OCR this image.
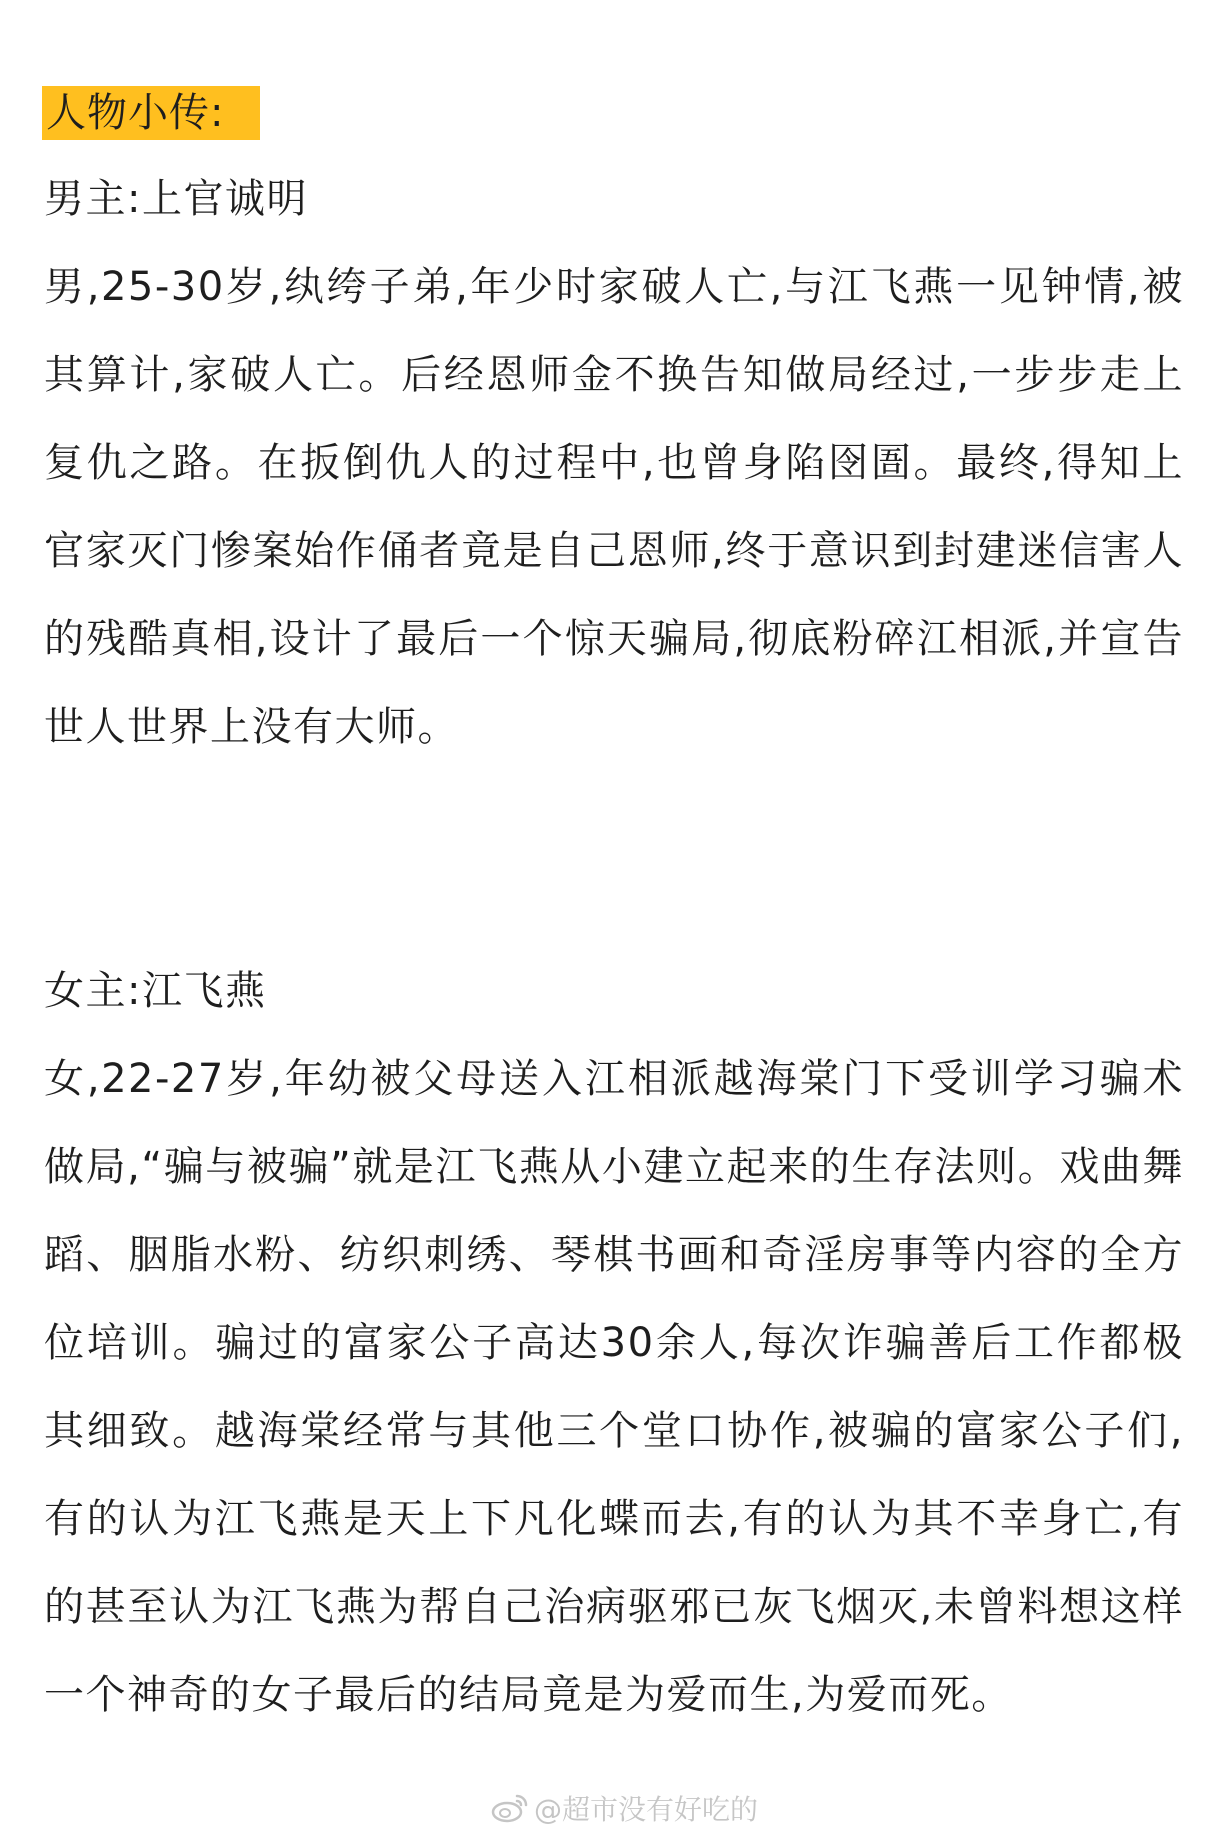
人物小传:

男主:上官诚明

男,25-30岁,纨绔子弟,年少时家破人亡,与江飞燕一见钟情,被其算计,家破人亡。后经恩师金不换告知做局经过,一步步走上复仇之路。在扳倒仇人的过程中,也曾身陷囹圄。最终,得知上官家灭门惨案始作俑者竟是自己恩师,终于意识到封建迷信害人的残酷真相,设计了最后一个惊天骗局,彻底粉碎江相派,并宣告世人世界上没有大师。

女主:江飞燕

女,22-27岁,年幼被父母送入江相派越海棠门下受训学习骗术做局,“骗与被骗”就是江飞燕从小建立起来的生存法则。戏曲舞蹈、胭脂水粉、纺织刺绣、琴棋书画和奇淫房事等内容的全方位培训。骗过的富家公子高达30余人,每次诈骗善后工作都极其细致。越海棠经常与其他三个堂口协作,被骗的富家公子们,有的认为江飞燕是天上下凡化蝶而去,有的认为其不幸身亡,有的甚至认为江飞燕为帮自己治病驱邪已灰飞烟灭,未曾料想这样一个神奇的女子最后的结局竟是为爱而生,为爱而死。

@超市没有好吃的
